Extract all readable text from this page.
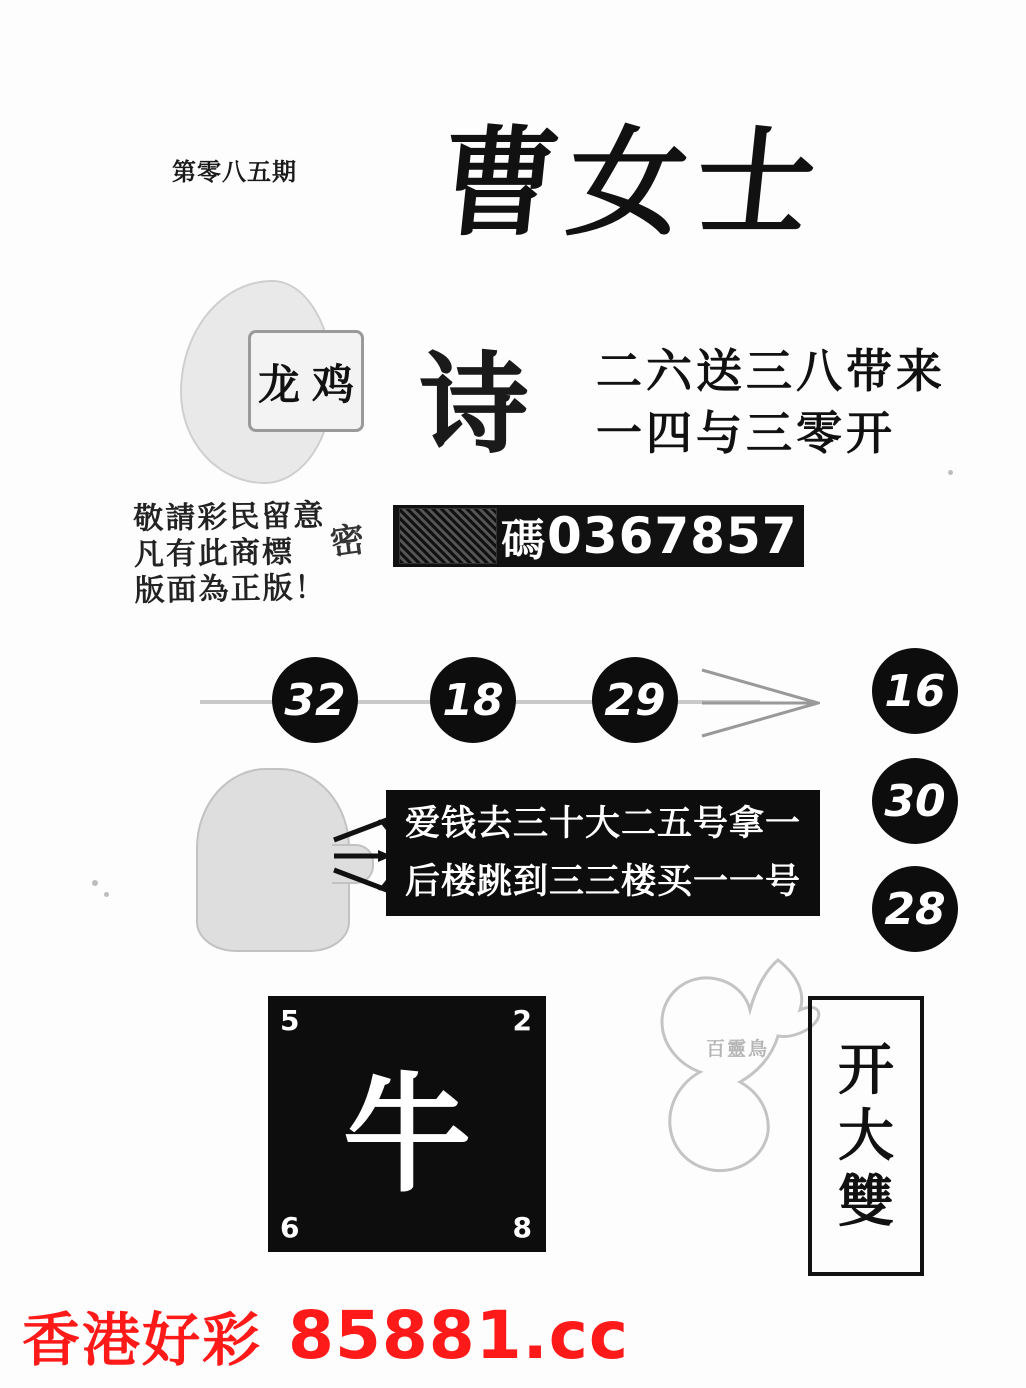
第零八五期 曹女士
龙 鸡 诗 二六送三八带来
一四与三零开
敬請彩民留意
凡有此商標
版面為正版！
密	碼 0367857
32 18 29	16
30
28
爱钱去三十大二五号拿一
后楼跳到三三楼买一一号
5	2
6	8
牛
百靈鳥 开
大
雙
香港好彩 85881.cc
